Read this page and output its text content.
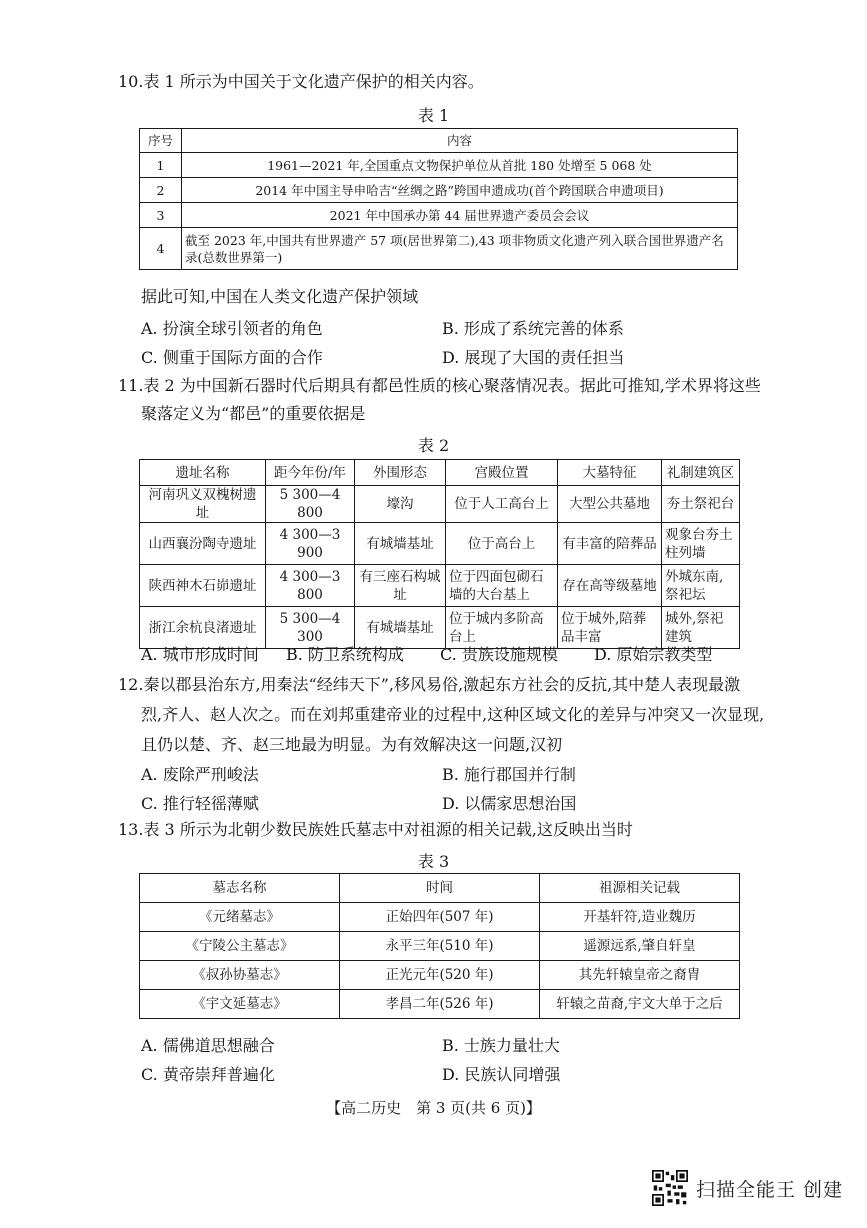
10.表 1 所示为中国关于文化遗产保护的相关内容。
表 1
序号	内容
1	1961—2021 年,全国重点文物保护单位从首批 180 处增至 5 068 处
2	2014 年中国主导申哈吉“丝绸之路”跨国申遗成功(首个跨国联合申遗项目)
3	2021 年中国承办第 44 届世界遗产委员会会议
4	截至 2023 年,中国共有世界遗产 57 项(居世界第二),43 项非物质文化遗产列入联合国世界遗产名录(总数世界第一)
据此可知,中国在人类文化遗产保护领域
A. 扮演全球引领者的角色	B. 形成了系统完善的体系
C. 侧重于国际方面的合作	D. 展现了大国的责任担当
11.表 2 为中国新石器时代后期具有都邑性质的核心聚落情况表。据此可推知,学术界将这些
聚落定义为“都邑”的重要依据是
表 2
遗址名称	距今年份/年	外围形态	宫殿位置	大墓特征	礼制建筑区
河南巩义双槐树遗址	5 300—4 800	壕沟	位于人工高台上	大型公共墓地	夯土祭祀台
山西襄汾陶寺遗址	4 300—3 900	有城墙基址	位于高台上	有丰富的陪葬品	观象台夯土柱列墙
陕西神木石峁遗址	4 300—3 800	有三座石构城址	位于四面包砌石墙的大台基上	存在高等级墓地	外城东南,祭祀坛
浙江余杭良渚遗址	5 300—4 300	有城墙基址	位于城内多阶高台上	位于城外,陪葬品丰富	城外,祭祀建筑
A. 城市形成时间 B. 防卫系统构成 C. 贵族设施规模 D. 原始宗教类型
12.秦以郡县治东方,用秦法“经纬天下”,移风易俗,激起东方社会的反抗,其中楚人表现最激
烈,齐人、赵人次之。而在刘邦重建帝业的过程中,这种区域文化的差异与冲突又一次显现,
且仍以楚、齐、赵三地最为明显。为有效解决这一问题,汉初
A. 废除严刑峻法	B. 施行郡国并行制
C. 推行轻徭薄赋	D. 以儒家思想治国
13.表 3 所示为北朝少数民族姓氏墓志中对祖源的相关记载,这反映出当时
表 3
墓志名称	时间	祖源相关记载
《元绪墓志》	正始四年(507 年)	开基轩符,造业魏历
《宁陵公主墓志》	永平三年(510 年)	遥源远系,肇自轩皇
《叔孙协墓志》	正光元年(520 年)	其先轩辕皇帝之裔胄
《宇文延墓志》	孝昌二年(526 年)	轩辕之苗裔,宇文大单于之后
A. 儒佛道思想融合	B. 士族力量壮大
C. 黄帝崇拜普遍化	D. 民族认同增强
【高二历史　第 3 页(共 6 页)】
扫描全能王 创建
